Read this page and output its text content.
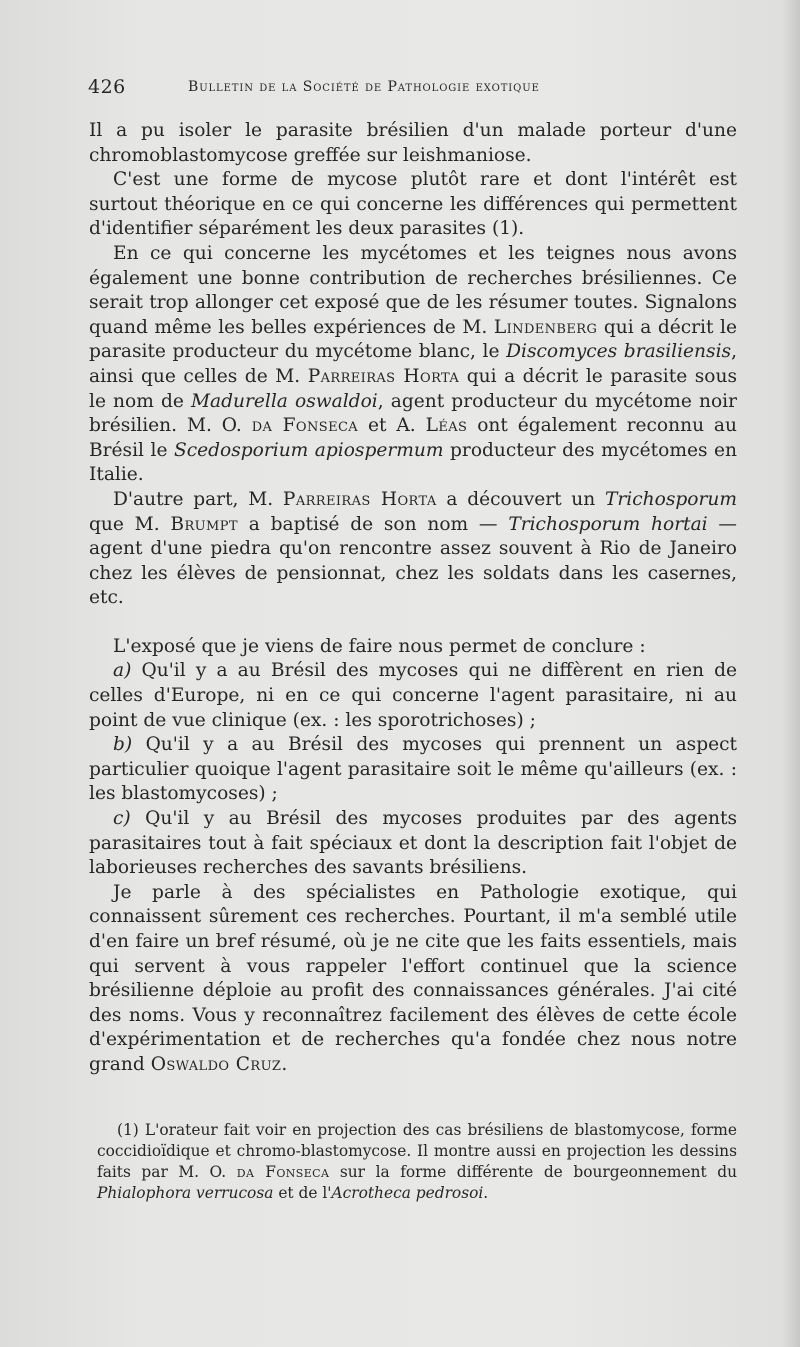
426	Bulletin de la Société de Pathologie exotique

Il a pu isoler le parasite brésilien d'un malade porteur d'une chromoblastomycose greffée sur leishmaniose.

C'est une forme de mycose plutôt rare et dont l'intérêt est surtout théorique en ce qui concerne les différences qui permettent d'identifier séparément les deux parasites (1).

En ce qui concerne les mycétomes et les teignes nous avons également une bonne contribution de recherches brésiliennes. Ce serait trop allonger cet exposé que de les résumer toutes. Signalons quand même les belles expériences de M. Lindenberg qui a décrit le parasite producteur du mycétome blanc, le Discomyces brasiliensis, ainsi que celles de M. Parreiras Horta qui a décrit le parasite sous le nom de Madurella oswaldoi, agent producteur du mycétome noir brésilien. M. O. da Fonseca et A. Léas ont également reconnu au Brésil le Scedosporium apiospermum producteur des mycétomes en Italie.

D'autre part, M. Parreiras Horta a découvert un Trichosporum que M. Brumpt a baptisé de son nom — Trichosporum hortai — agent d'une piedra qu'on rencontre assez souvent à Rio de Janeiro chez les élèves de pensionnat, chez les soldats dans les casernes, etc.

L'exposé que je viens de faire nous permet de conclure :

a) Qu'il y a au Brésil des mycoses qui ne diffèrent en rien de celles d'Europe, ni en ce qui concerne l'agent parasitaire, ni au point de vue clinique (ex. : les sporotrichoses) ;

b) Qu'il y a au Brésil des mycoses qui prennent un aspect particulier quoique l'agent parasitaire soit le même qu'ailleurs (ex. : les blastomycoses) ;

c) Qu'il y au Brésil des mycoses produites par des agents parasitaires tout à fait spéciaux et dont la description fait l'objet de laborieuses recherches des savants brésiliens.

Je parle à des spécialistes en Pathologie exotique, qui connaissent sûrement ces recherches. Pourtant, il m'a semblé utile d'en faire un bref résumé, où je ne cite que les faits essentiels, mais qui servent à vous rappeler l'effort continuel que la science brésilienne déploie au profit des connaissances générales. J'ai cité des noms. Vous y reconnaîtrez facilement des élèves de cette école d'expérimentation et de recherches qu'a fondée chez nous notre grand Oswaldo Cruz.

(1) L'orateur fait voir en projection des cas brésiliens de blastomycose, forme coccidioïdique et chromo-blastomycose. Il montre aussi en projection les dessins faits par M. O. da Fonseca sur la forme différente de bourgeonnement du Phialophora verrucosa et de l'Acrotheca pedrosoi.
